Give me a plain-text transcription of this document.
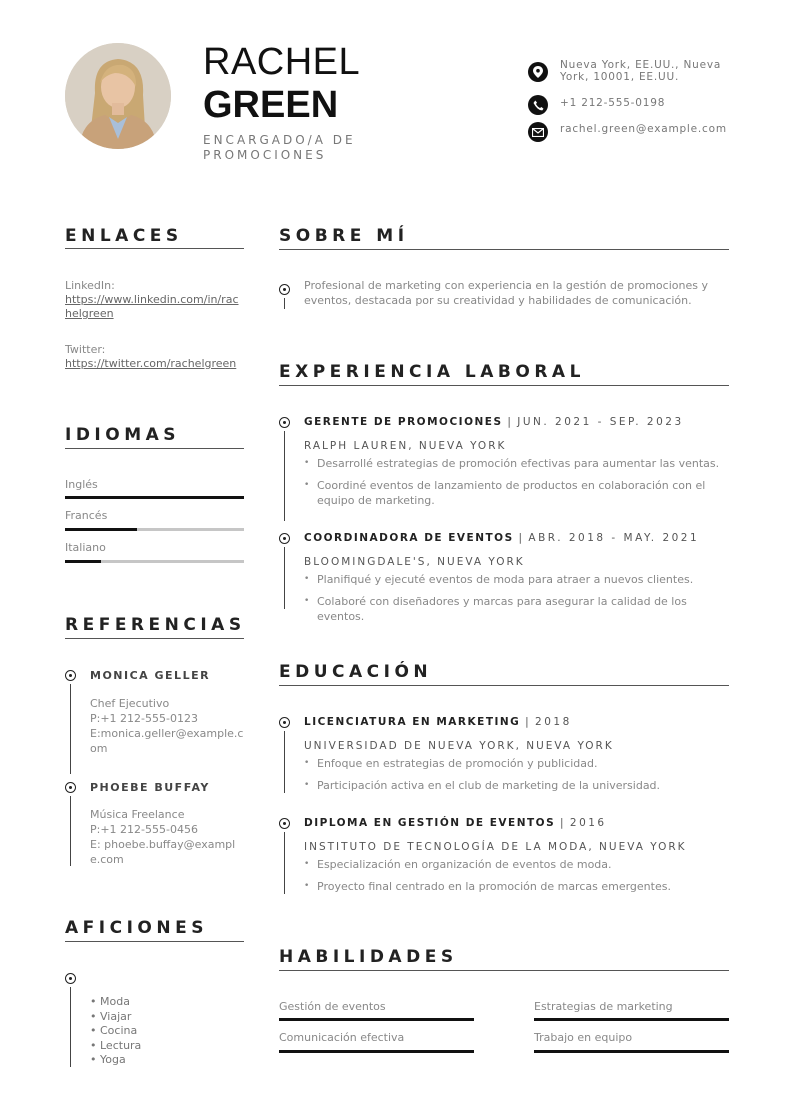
RACHEL
GREEN
ENCARGADO/A DE PROMOCIONES
Nueva York, EE.UU., Nueva York, 10001, EE.UU.
+1 212-555-0198
rachel.green@example.com
ENLACES
LinkedIn:
https://www.linkedin.com/in/rachelgreen
Twitter:
https://twitter.com/rachelgreen
IDIOMAS
Inglés
Francés
Italiano
REFERENCIAS
MONICA GELLER
Chef Ejecutivo
P:+1 212-555-0123
E:monica.geller@example.com
PHOEBE BUFFAY
Música Freelance
P:+1 212-555-0456
E: phoebe.buffay@example.com
AFICIONES
• Moda
• Viajar
• Cocina
• Lectura
• Yoga
SOBRE MÍ
Profesional de marketing con experiencia en la gestión de promociones y eventos, destacada por su creatividad y habilidades de comunicación.
EXPERIENCIA LABORAL
GERENTE DE PROMOCIONES | JUN. 2021 - SEP. 2023
RALPH LAUREN, NUEVA YORK
• Desarrollé estrategias de promoción efectivas para aumentar las ventas.
• Coordiné eventos de lanzamiento de productos en colaboración con el equipo de marketing.
COORDINADORA DE EVENTOS | ABR. 2018 - MAY. 2021
BLOOMINGDALE'S, NUEVA YORK
• Planifiqué y ejecuté eventos de moda para atraer a nuevos clientes.
• Colaboré con diseñadores y marcas para asegurar la calidad de los eventos.
EDUCACIÓN
LICENCIATURA EN MARKETING | 2018
UNIVERSIDAD DE NUEVA YORK, NUEVA YORK
• Enfoque en estrategias de promoción y publicidad.
• Participación activa en el club de marketing de la universidad.
DIPLOMA EN GESTIÓN DE EVENTOS | 2016
INSTITUTO DE TECNOLOGÍA DE LA MODA, NUEVA YORK
• Especialización en organización de eventos de moda.
• Proyecto final centrado en la promoción de marcas emergentes.
HABILIDADES
Gestión de eventos	Estrategias de marketing
Comunicación efectiva	Trabajo en equipo
